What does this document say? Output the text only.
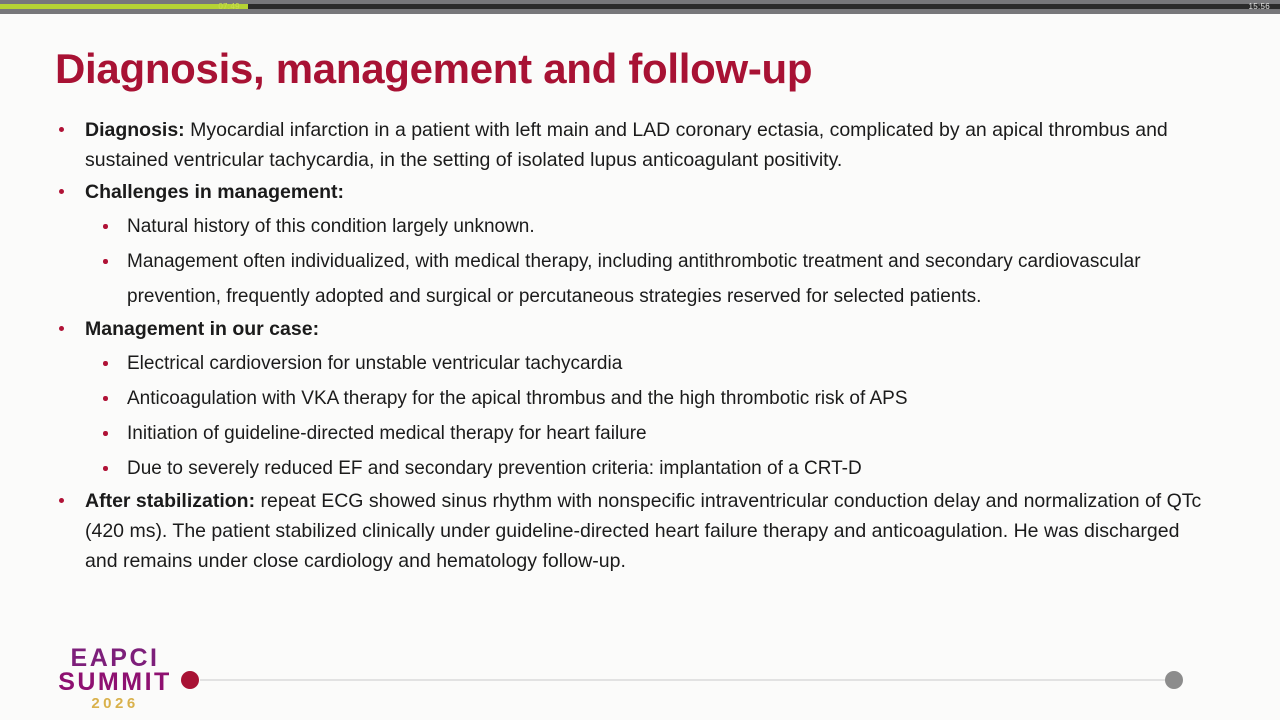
07:49	15:56
Diagnosis, management and follow-up
Diagnosis: Myocardial infarction in a patient with left main and LAD coronary ectasia, complicated by an apical thrombus and sustained ventricular tachycardia, in the setting of isolated lupus anticoagulant positivity.
Challenges in management:
Natural history of this condition largely unknown.
Management often individualized, with medical therapy, including antithrombotic treatment and secondary cardiovascular prevention, frequently adopted and surgical or percutaneous strategies reserved for selected patients.
Management in our case:
Electrical cardioversion for unstable ventricular tachycardia
Anticoagulation with VKA therapy for the apical thrombus and the high thrombotic risk of APS
Initiation of guideline-directed medical therapy for heart failure
Due to severely reduced EF and secondary prevention criteria: implantation of a CRT-D
After stabilization: repeat ECG showed sinus rhythm with nonspecific intraventricular conduction delay and normalization of QTc (420 ms). The patient stabilized clinically under guideline-directed heart failure therapy and anticoagulation. He was discharged and remains under close cardiology and hematology follow-up.
EAPCI
SUMMIT
2026
